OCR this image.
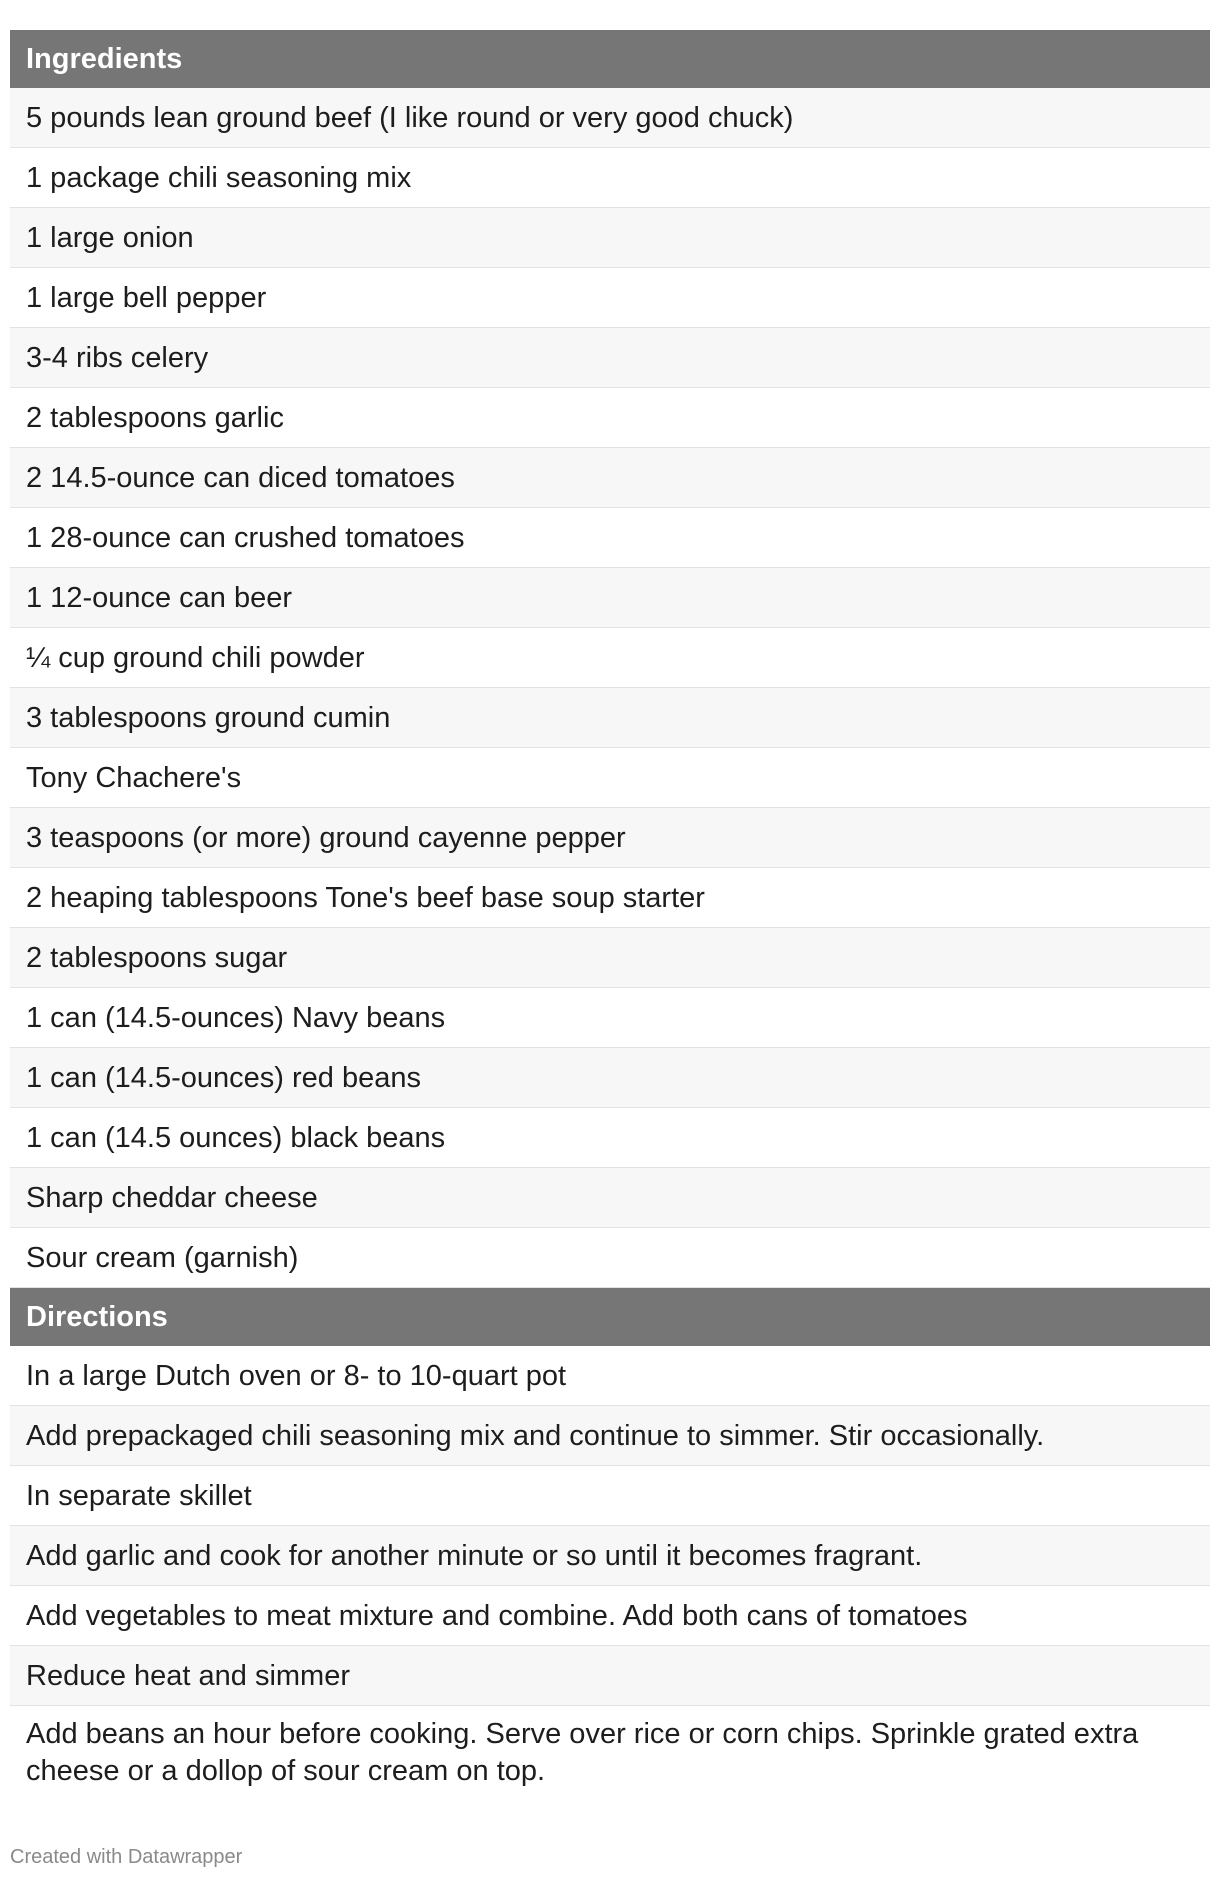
Ingredients
5 pounds lean ground beef (I like round or very good chuck)
1 package chili seasoning mix
1 large onion
1 large bell pepper
3-4 ribs celery
2 tablespoons garlic
2 14.5-ounce can diced tomatoes
1 28-ounce can crushed tomatoes
1 12-ounce can beer
¼ cup ground chili powder
3 tablespoons ground cumin
Tony Chachere's
3 teaspoons (or more) ground cayenne pepper
2 heaping tablespoons Tone's beef base soup starter
2 tablespoons sugar
1 can (14.5-ounces) Navy beans
1 can (14.5-ounces) red beans
1 can (14.5 ounces) black beans
Sharp cheddar cheese
Sour cream (garnish)
Directions
In a large Dutch oven or 8- to 10-quart pot
Add prepackaged chili seasoning mix and continue to simmer. Stir occasionally.
In separate skillet
Add garlic and cook for another minute or so until it becomes fragrant.
Add vegetables to meat mixture and combine. Add both cans of tomatoes
Reduce heat and simmer
Add beans an hour before cooking. Serve over rice or corn chips. Sprinkle grated extra cheese or a dollop of sour cream on top.
Created with Datawrapper
